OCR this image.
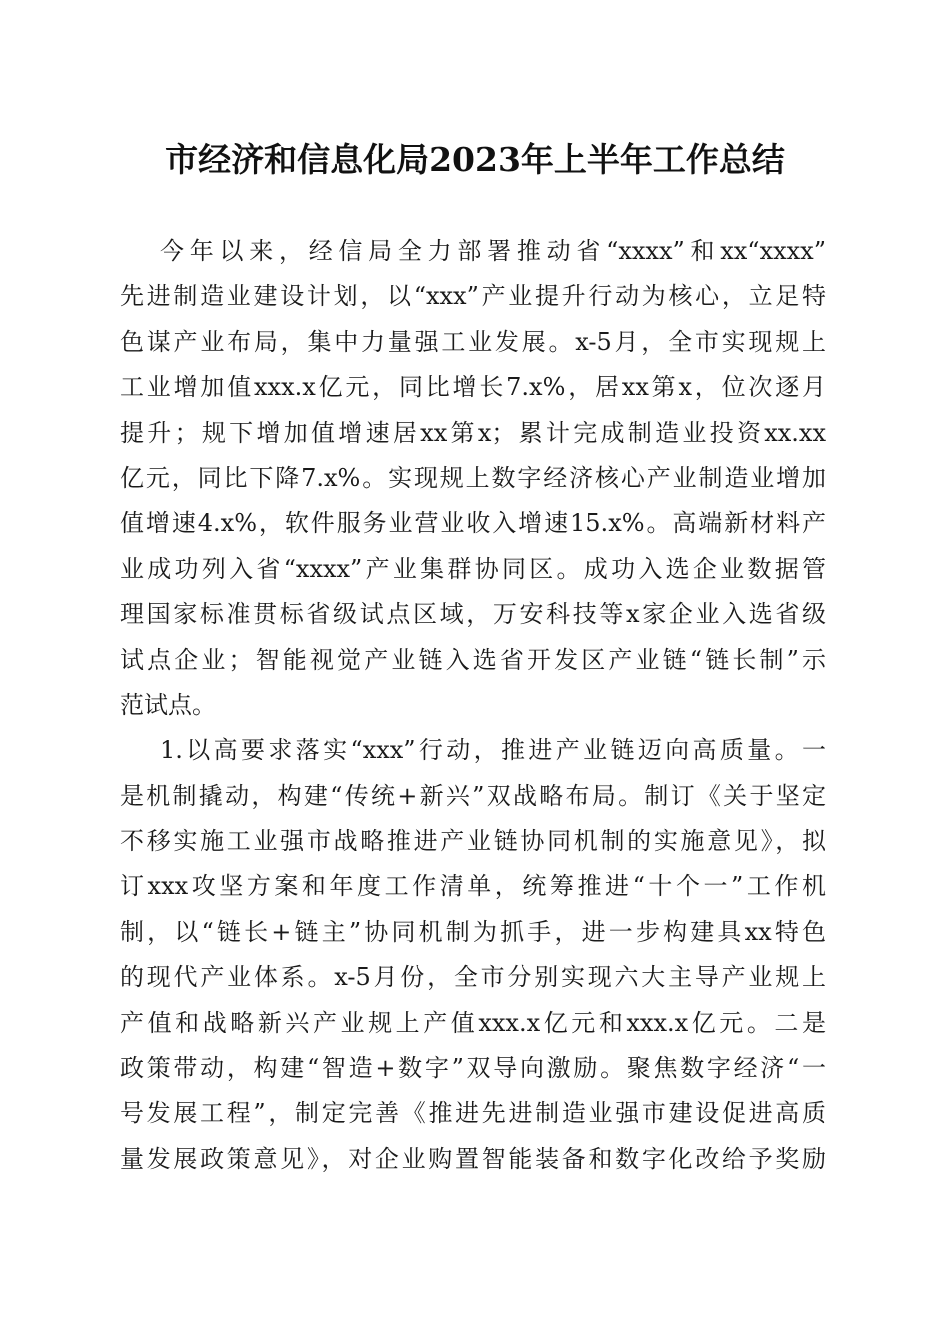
市经济和信息化局2023年上半年工作总结
今年以来，经信局全力部署推动省“xxxx”和xx“xxxx”
先进制造业建设计划，以“xxx”产业提升行动为核心，立足特
色谋产业布局，集中力量强工业发展。x-5月，全市实现规上
工业增加值xxx.x亿元，同比增长7.x%，居xx第x，位次逐月
提升；规下增加值增速居xx第x；累计完成制造业投资xx.xx
亿元，同比下降7.x%。实现规上数字经济核心产业制造业增加
值增速4.x%，软件服务业营业收入增速15.x%。高端新材料产
业成功列入省“xxxx”产业集群协同区。成功入选企业数据管
理国家标准贯标省级试点区域，万安科技等x家企业入选省级
试点企业；智能视觉产业链入选省开发区产业链“链长制”示
范试点。
1.以高要求落实“xxx”行动，推进产业链迈向高质量。一
是机制撬动，构建“传统+新兴”双战略布局。制订《关于坚定
不移实施工业强市战略推进产业链协同机制的实施意见》，拟
订xxx攻坚方案和年度工作清单，统筹推进“十个一”工作机
制，以“链长+链主”协同机制为抓手，进一步构建具xx特色
的现代产业体系。x-5月份，全市分别实现六大主导产业规上
产值和战略新兴产业规上产值xxx.x亿元和xxx.x亿元。二是
政策带动，构建“智造+数字”双导向激励。聚焦数字经济“一
号发展工程”，制定完善《推进先进制造业强市建设促进高质
量发展政策意见》，对企业购置智能装备和数字化改给予奖励
